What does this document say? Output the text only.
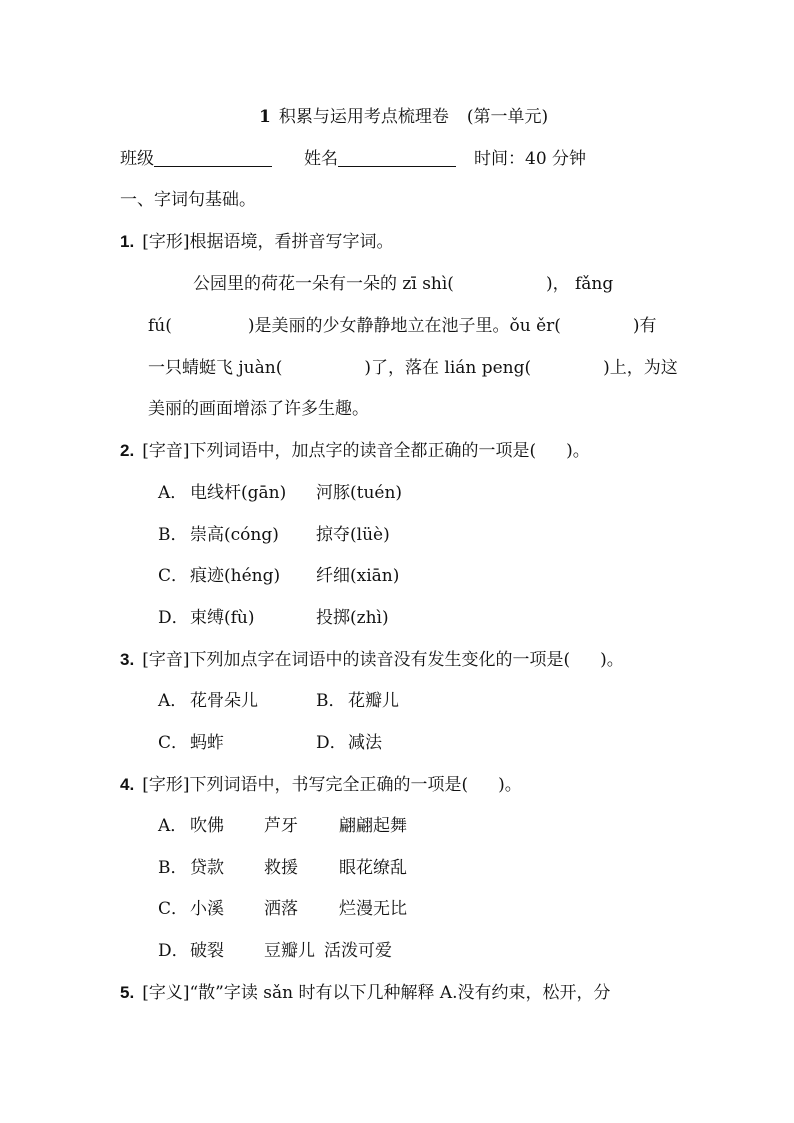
1 积累与运用考点梳理卷 (第一单元)
班级	姓名	时间：40 分钟
一、字词句基础。
1. [字形]根据语境，看拼音写字词。
公园里的荷花一朵有一朵的 zī shì(	)， fǎng
fú(	)是美丽的少女静静地立在池子里。ǒu ěr(	)有
一只蜻蜓飞 juàn(	)了，落在 lián peng(	)上，为这
美丽的画面增添了许多生趣。
2. [字音]下列词语中，加点字的读音全都正确的一项是( )。
A． 电线杆(gān) 河豚(tuén)
B． 崇高(cóng) 掠夺(lüè)
C． 痕迹(héng) 纤细(xiān)
D．束缚(fù)	投掷(zhì)
3. [字音]下列加点字在词语中的读音没有发生变化的一项是( )。
A． 花骨朵儿	B． 花瓣儿
C． 蚂蚱	D．减法
4. [字形]下列词语中，书写完全正确的一项是( )。
A． 吹佛 芦牙 翩翩起舞
B． 贷款 救援 眼花缭乱
C． 小溪 洒落 烂漫无比
D．破裂 豆瓣儿 活泼可爱
5. [字义]“散”字读 sǎn 时有以下几种解释 A.没有约束，松开，分
